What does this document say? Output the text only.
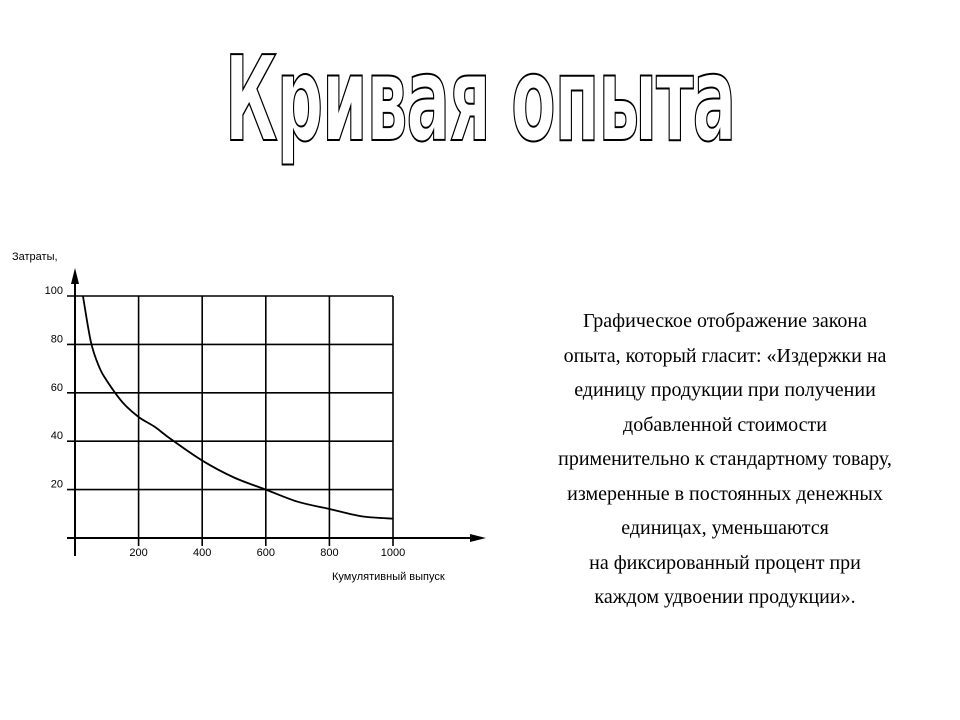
Кривая опыта
200	400	600	800	1000
20
40
60
80
100
Затраты,
Кумулятивный выпуск
Графическое отображение закона
опыта, который гласит: «Издержки на
единицу продукции при получении
добавленной стоимости
применительно к стандартному товару,
измеренные в постоянных денежных
единицах, уменьшаются
на фиксированный процент при
каждом удвоении продукции».
